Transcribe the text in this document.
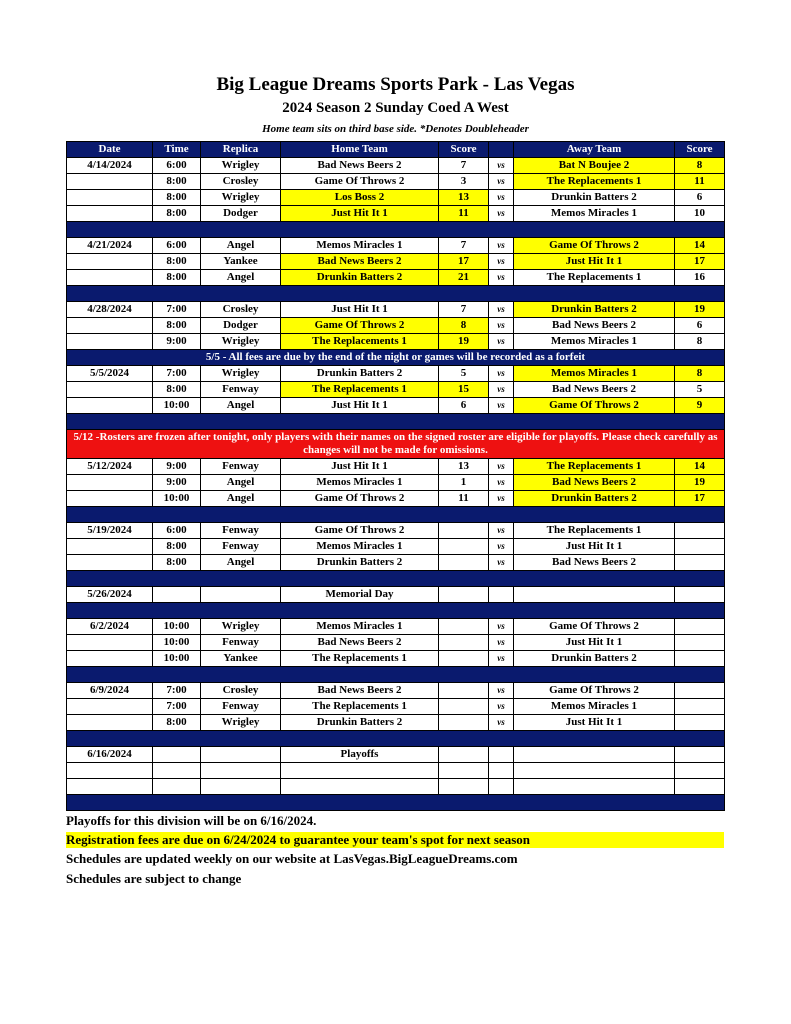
Big League Dreams Sports Park - Las Vegas
2024 Season 2 Sunday Coed A West
Home team sits on third base side. *Denotes Doubleheader
Date	Time	Replica	Home Team	Score		Away Team	Score
4/14/2024	6:00	Wrigley	Bad News Beers 2	7	vs	Bat N Boujee 2	8
	8:00	Crosley	Game Of Throws 2	3	vs	The Replacements 1	11
	8:00	Wrigley	Los Boss 2	13	vs	Drunkin Batters 2	6
	8:00	Dodger	Just Hit It 1	11	vs	Memos Miracles 1	10

4/21/2024	6:00	Angel	Memos Miracles 1	7	vs	Game Of Throws 2	14
	8:00	Yankee	Bad News Beers 2	17	vs	Just Hit It 1	17
	8:00	Angel	Drunkin Batters 2	21	vs	The Replacements 1	16

4/28/2024	7:00	Crosley	Just Hit It 1	7	vs	Drunkin Batters 2	19
	8:00	Dodger	Game Of Throws 2	8	vs	Bad News Beers 2	6
	9:00	Wrigley	The Replacements 1	19	vs	Memos Miracles 1	8
5/5 - All fees are due by the end of the night or games will be recorded as a forfeit							
5/5/2024	7:00	Wrigley	Drunkin Batters 2	5	vs	Memos Miracles 1	8
	8:00	Fenway	The Replacements 1	15	vs	Bad News Beers 2	5
	10:00	Angel	Just Hit It 1	6	vs	Game Of Throws 2	9

5/12 -Rosters are frozen after tonight, only players with their names on the signed roster are eligible for playoffs. Please check carefully as changes will not be made for omissions.							
5/12/2024	9:00	Fenway	Just Hit It 1	13	vs	The Replacements 1	14
	9:00	Angel	Memos Miracles 1	1	vs	Bad News Beers 2	19
	10:00	Angel	Game Of Throws 2	11	vs	Drunkin Batters 2	17

5/19/2024	6:00	Fenway	Game Of Throws 2		vs	The Replacements 1	
	8:00	Fenway	Memos Miracles 1		vs	Just Hit It 1	
	8:00	Angel	Drunkin Batters 2		vs	Bad News Beers 2	

5/26/2024			Memorial Day				

6/2/2024	10:00	Wrigley	Memos Miracles 1		vs	Game Of Throws 2	
	10:00	Fenway	Bad News Beers 2		vs	Just Hit It 1	
	10:00	Yankee	The Replacements 1		vs	Drunkin Batters 2	

6/9/2024	7:00	Crosley	Bad News Beers 2		vs	Game Of Throws 2	
	7:00	Fenway	The Replacements 1		vs	Memos Miracles 1	
	8:00	Wrigley	Drunkin Batters 2		vs	Just Hit It 1	

6/16/2024			Playoffs				

Playoffs for this division will be on 6/16/2024.
Registration fees are due on 6/24/2024 to guarantee your team's spot for next season
Schedules are updated weekly on our website at LasVegas.BigLeagueDreams.com
Schedules are subject to change
